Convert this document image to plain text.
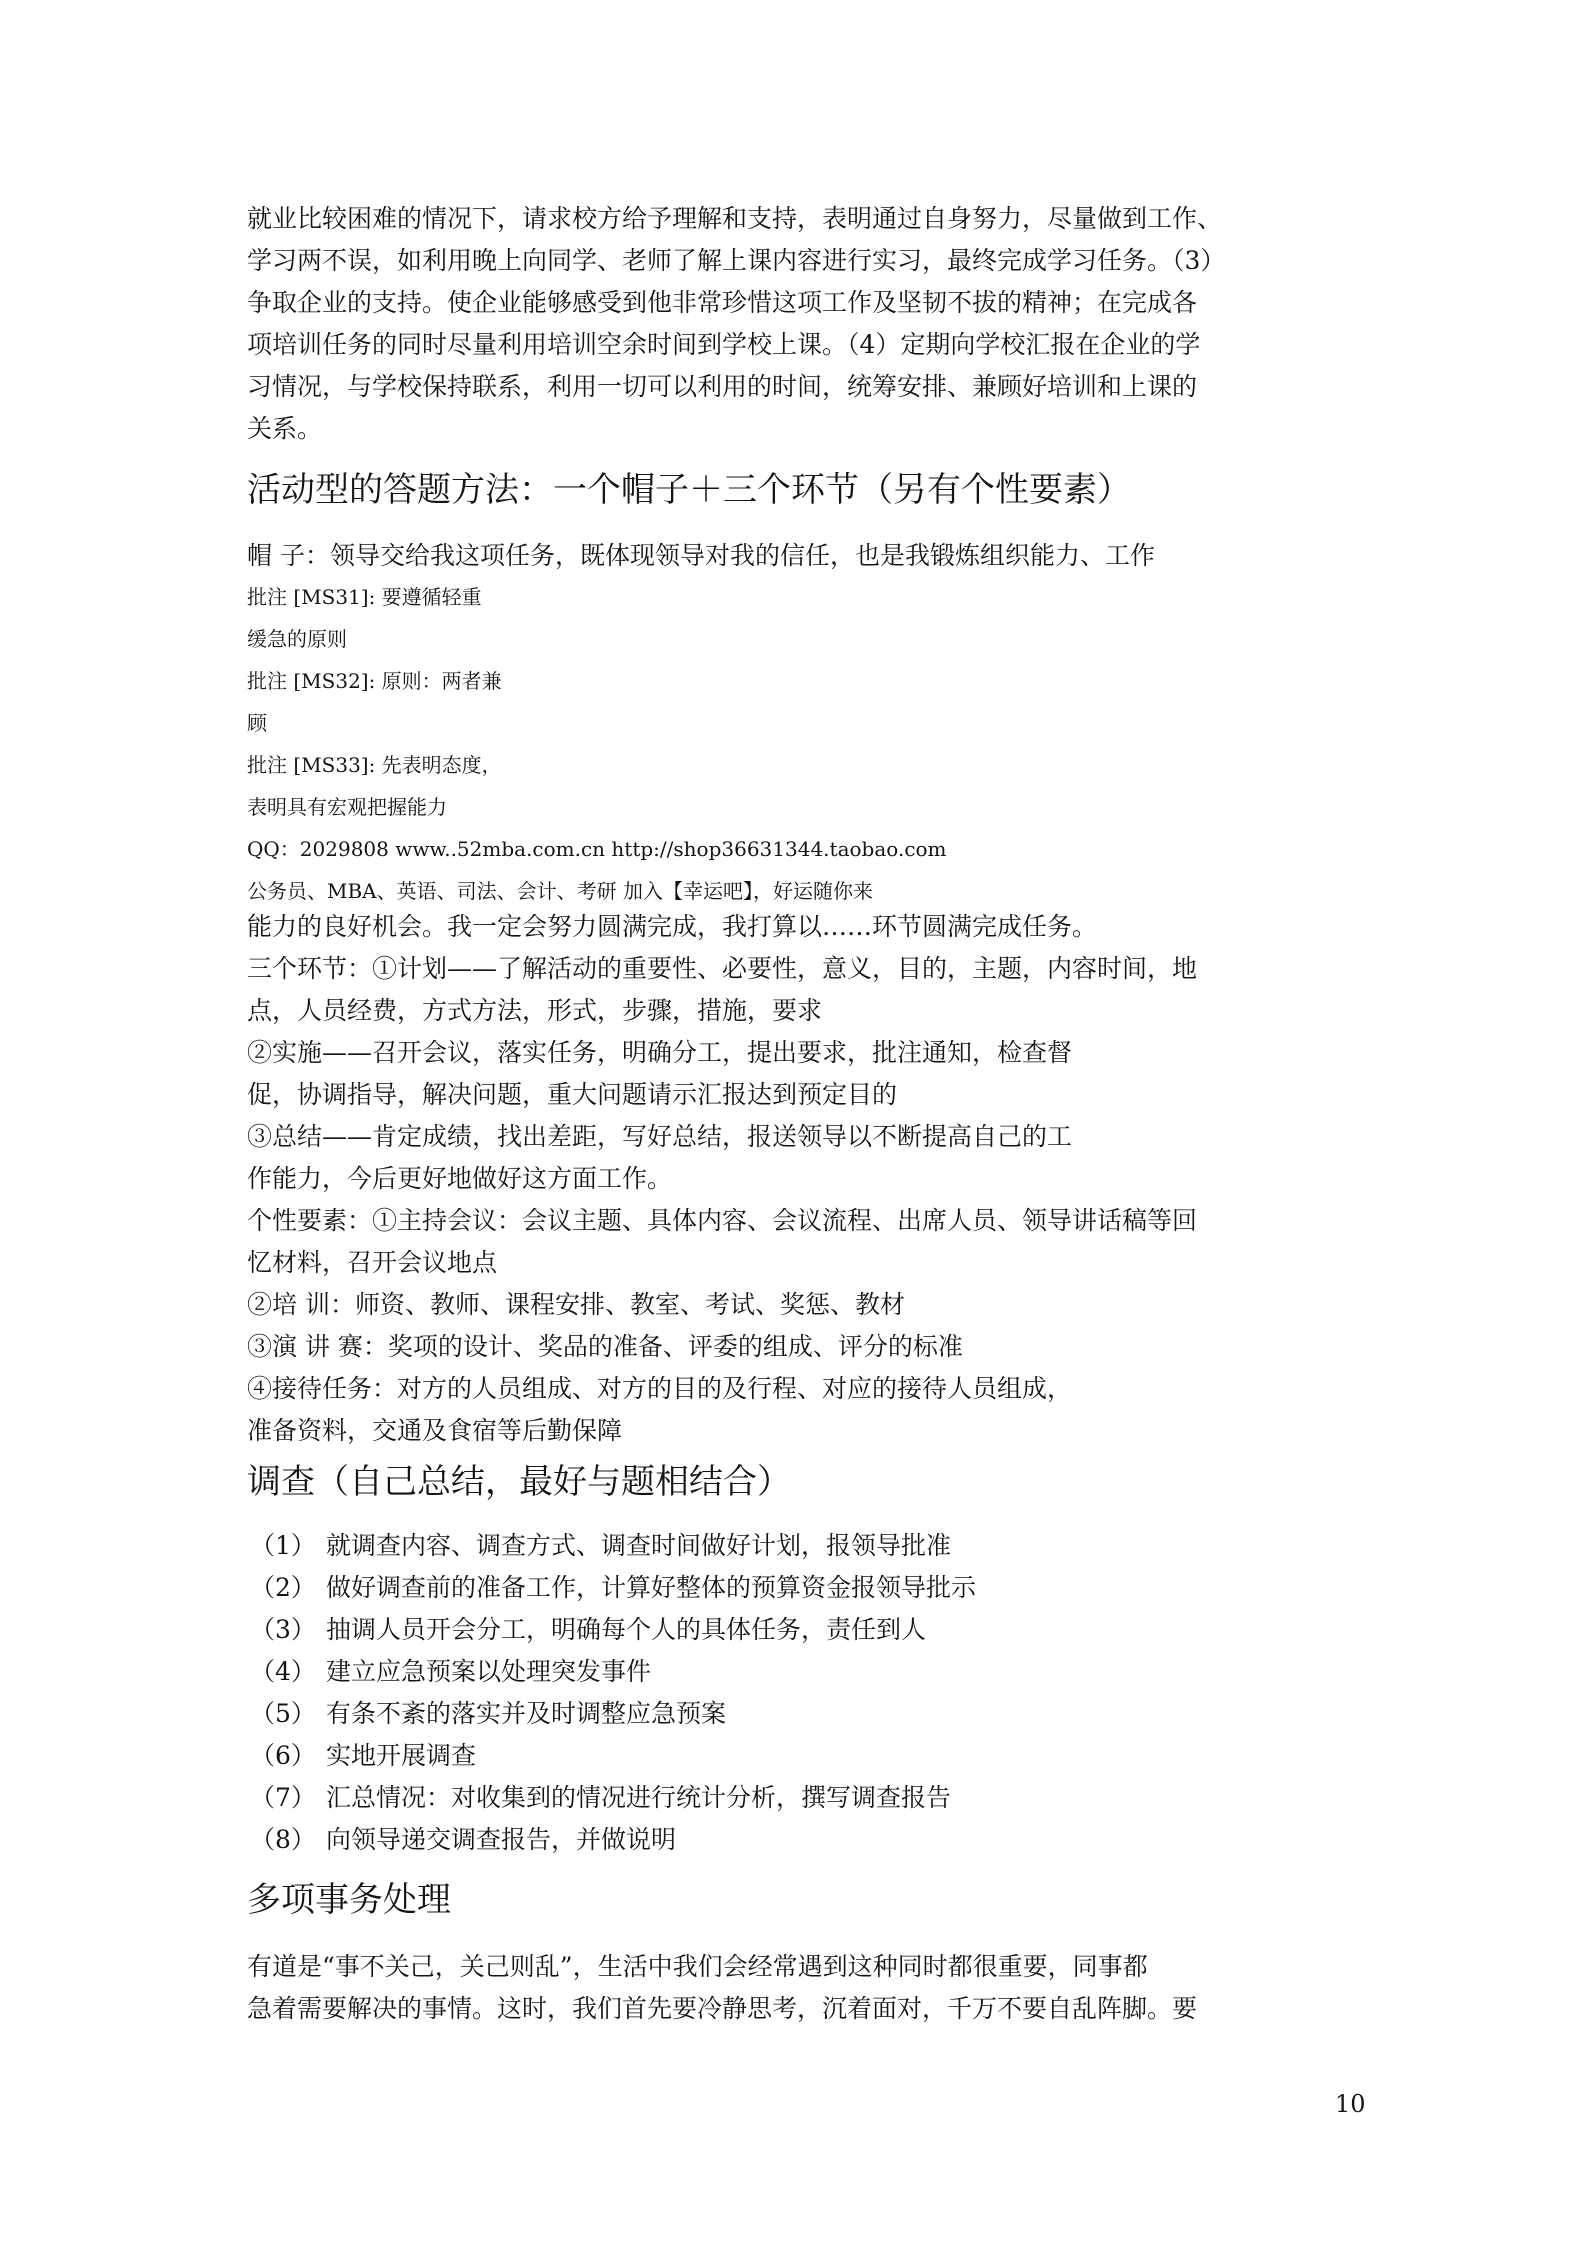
就业比较困难的情况下，请求校方给予理解和支持，表明通过自身努力，尽量做到工作、
学习两不误，如利用晚上向同学、老师了解上课内容进行实习，最终完成学习任务。（3）
争取企业的支持。使企业能够感受到他非常珍惜这项工作及坚韧不拔的精神；在完成各
项培训任务的同时尽量利用培训空余时间到学校上课。（4）定期向学校汇报在企业的学
习情况，与学校保持联系，利用一切可以利用的时间，统筹安排、兼顾好培训和上课的
关系。
活动型的答题方法：一个帽子＋三个环节（另有个性要素）
帽 子：领导交给我这项任务，既体现领导对我的信任，也是我锻炼组织能力、工作
批注 [MS31]: 要遵循轻重
缓急的原则
批注 [MS32]: 原则：两者兼
顾
批注 [MS33]: 先表明态度，
表明具有宏观把握能力
QQ：2029808 www..52mba.com.cn http://shop36631344.taobao.com
公务员、MBA、英语、司法、会计、考研 加入【幸运吧】，好运随你来
能力的良好机会。我一定会努力圆满完成，我打算以……环节圆满完成任务。
三个环节：①计划——了解活动的重要性、必要性，意义，目的，主题，内容时间，地
点，人员经费，方式方法，形式，步骤，措施，要求
②实施——召开会议，落实任务，明确分工，提出要求，批注通知，检查督
促，协调指导，解决问题，重大问题请示汇报达到预定目的
③总结——肯定成绩，找出差距，写好总结，报送领导以不断提高自己的工
作能力，今后更好地做好这方面工作。
个性要素：①主持会议：会议主题、具体内容、会议流程、出席人员、领导讲话稿等回
忆材料，召开会议地点
②培 训：师资、教师、课程安排、教室、考试、奖惩、教材
③演 讲 赛：奖项的设计、奖品的准备、评委的组成、评分的标准
④接待任务：对方的人员组成、对方的目的及行程、对应的接待人员组成，
准备资料，交通及食宿等后勤保障
调查（自己总结，最好与题相结合）
（1） 就调查内容、调查方式、调查时间做好计划，报领导批准
（2） 做好调查前的准备工作，计算好整体的预算资金报领导批示
（3） 抽调人员开会分工，明确每个人的具体任务，责任到人
（4） 建立应急预案以处理突发事件
（5） 有条不紊的落实并及时调整应急预案
（6） 实地开展调查
（7） 汇总情况：对收集到的情况进行统计分析，撰写调查报告
（8） 向领导递交调查报告，并做说明
多项事务处理
有道是“事不关己，关己则乱”，生活中我们会经常遇到这种同时都很重要，同事都
急着需要解决的事情。这时，我们首先要冷静思考，沉着面对，千万不要自乱阵脚。要
10
